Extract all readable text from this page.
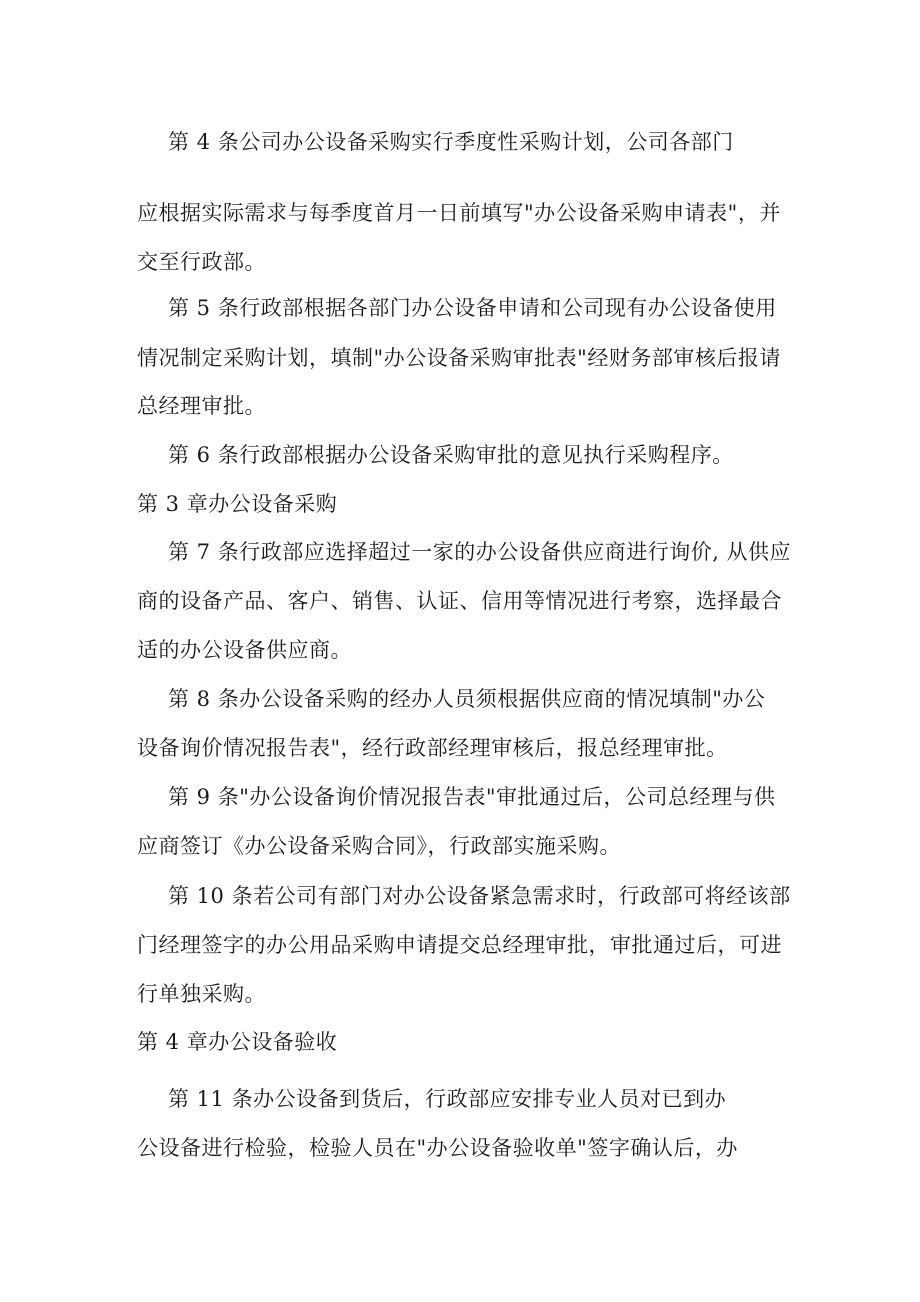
第 4 条公司办公设备采购实行季度性采购计划，公司各部门
应根据实际需求与每季度首月一日前填写"办公设备采购申请表"，并
交至行政部。
第 5 条行政部根据各部门办公设备申请和公司现有办公设备使用
情况制定采购计划，填制"办公设备采购审批表"经财务部审核后报请
总经理审批。
第 6 条行政部根据办公设备采购审批的意见执行采购程序。
第 3 章办公设备采购
第 7 条行政部应选择超过一家的办公设备供应商进行询价, 从供应
商的设备产品、客户、销售、认证、信用等情况进行考察，选择最合
适的办公设备供应商。
第 8 条办公设备采购的经办人员须根据供应商的情况填制"办公
设备询价情况报告表"，经行政部经理审核后，报总经理审批。
第 9 条"办公设备询价情况报告表"审批通过后，公司总经理与供
应商签订《办公设备采购合同》，行政部实施采购。
第 10 条若公司有部门对办公设备紧急需求时，行政部可将经该部
门经理签字的办公用品采购申请提交总经理审批，审批通过后，可进
行单独采购。
第 4 章办公设备验收
第 11 条办公设备到货后，行政部应安排专业人员对已到办
公设备进行检验，检验人员在"办公设备验收单"签字确认后，办
